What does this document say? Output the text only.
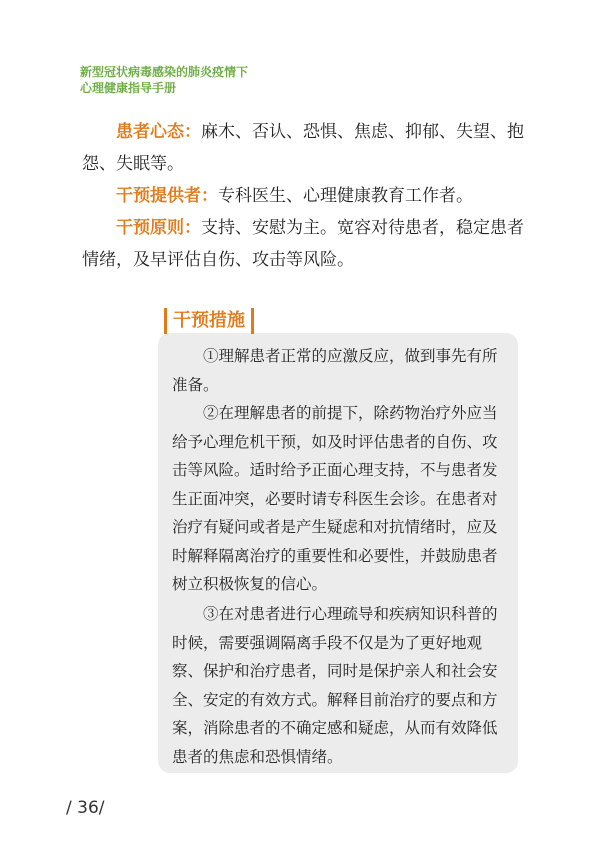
新型冠状病毒感染的肺炎疫情下
心理健康指导手册
患者心态：麻木、否认、恐惧、焦虑、抑郁、失望、抱怨、失眠等。
干预提供者：专科医生、心理健康教育工作者。
干预原则：支持、安慰为主。宽容对待患者，稳定患者情绪，及早评估自伤、攻击等风险。
干预措施
①理解患者正常的应激反应，做到事先有所准备。
②在理解患者的前提下，除药物治疗外应当给予心理危机干预，如及时评估患者的自伤、攻击等风险。适时给予正面心理支持，不与患者发生正面冲突，必要时请专科医生会诊。在患者对治疗有疑问或者是产生疑虑和对抗情绪时，应及时解释隔离治疗的重要性和必要性，并鼓励患者树立积极恢复的信心。
③在对患者进行心理疏导和疾病知识科普的时候，需要强调隔离手段不仅是为了更好地观察、保护和治疗患者，同时是保护亲人和社会安全、安定的有效方式。解释目前治疗的要点和方案，消除患者的不确定感和疑虑，从而有效降低患者的焦虑和恐惧情绪。
∕ 36∕
